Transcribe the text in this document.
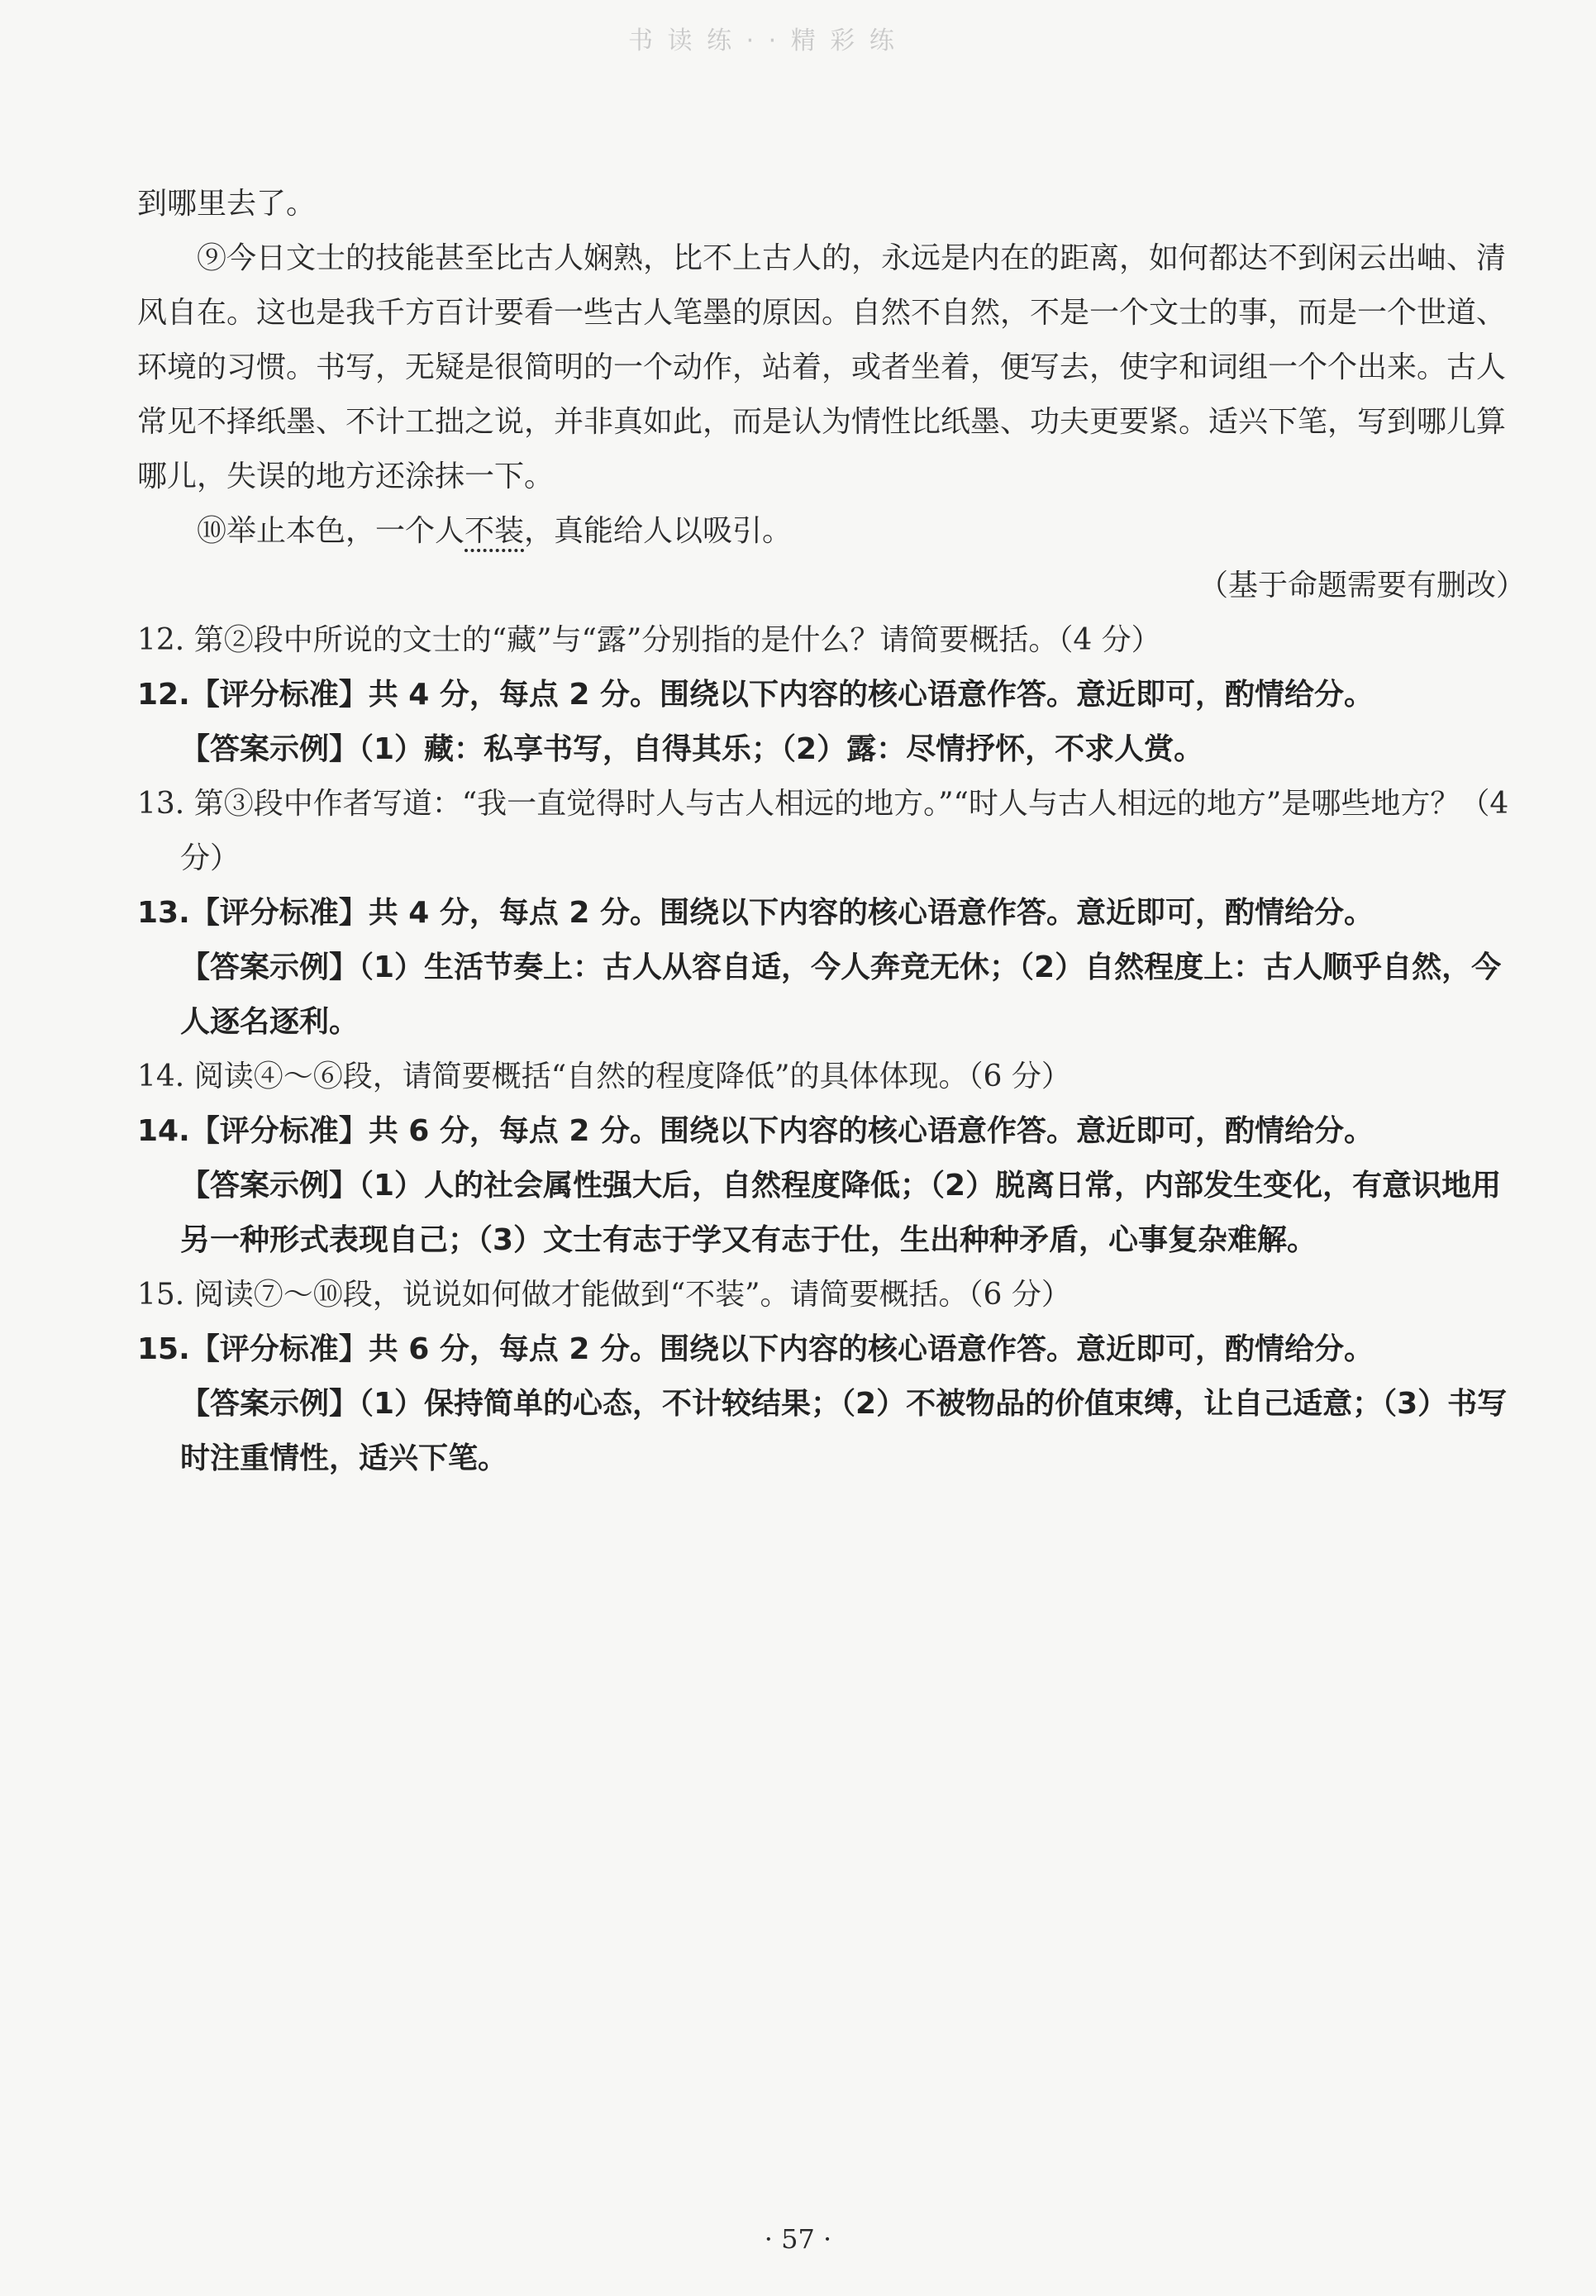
书 读 练 · · 精 彩 练

到哪里去了。

⑨今日文士的技能甚至比古人娴熟，比不上古人的，永远是内在的距离，如何都达不到闲云出岫、清风自在。这也是我千方百计要看一些古人笔墨的原因。自然不自然，不是一个文士的事，而是一个世道、环境的习惯。书写，无疑是很简明的一个动作，站着，或者坐着，便写去，使字和词组一个个出来。古人常见不择纸墨、不计工拙之说，并非真如此，而是认为情性比纸墨、功夫更要紧。适兴下笔，写到哪儿算哪儿，失误的地方还涂抹一下。

⑩举止本色，一个人不装，真能给人以吸引。

（基于命题需要有删改）

12. 第②段中所说的文士的“藏”与“露”分别指的是什么？请简要概括。（4 分）

12.【评分标准】共 4 分，每点 2 分。围绕以下内容的核心语意作答。意近即可，酌情给分。

【答案示例】（1）藏：私享书写，自得其乐；（2）露：尽情抒怀，不求人赏。

13. 第③段中作者写道：“我一直觉得时人与古人相远的地方。”“时人与古人相远的地方”是哪些地方？（4 分）

13.【评分标准】共 4 分，每点 2 分。围绕以下内容的核心语意作答。意近即可，酌情给分。

【答案示例】（1）生活节奏上：古人从容自适，今人奔竞无休；（2）自然程度上：古人顺乎自然，今人逐名逐利。

14. 阅读④～⑥段，请简要概括“自然的程度降低”的具体体现。（6 分）

14.【评分标准】共 6 分，每点 2 分。围绕以下内容的核心语意作答。意近即可，酌情给分。

【答案示例】（1）人的社会属性强大后，自然程度降低；（2）脱离日常，内部发生变化，有意识地用另一种形式表现自己；（3）文士有志于学又有志于仕，生出种种矛盾，心事复杂难解。

15. 阅读⑦～⑩段，说说如何做才能做到“不装”。请简要概括。（6 分）

15.【评分标准】共 6 分，每点 2 分。围绕以下内容的核心语意作答。意近即可，酌情给分。

【答案示例】（1）保持简单的心态，不计较结果；（2）不被物品的价值束缚，让自己适意；（3）书写时注重情性，适兴下笔。

· 57 ·
